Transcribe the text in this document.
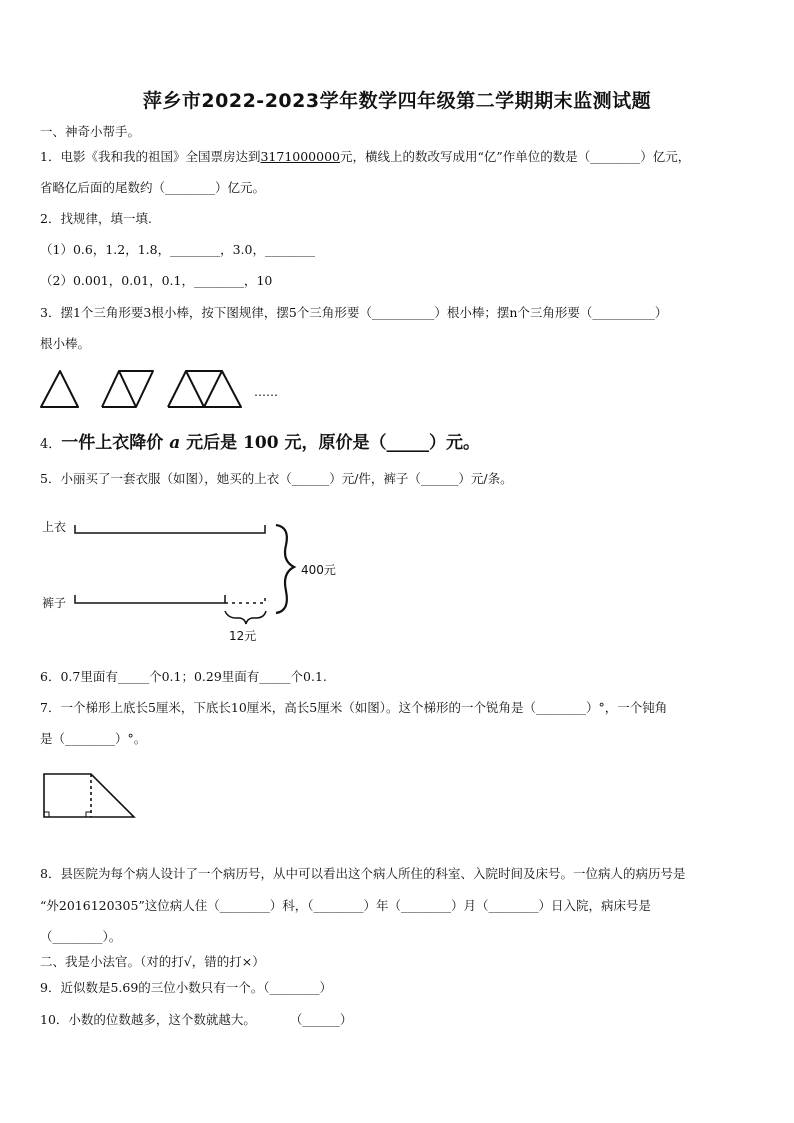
萍乡市2022-2023学年数学四年级第二学期期末监测试题
一、神奇小帮手。
1．电影《我和我的祖国》全国票房达到3171000000元，横线上的数改写成用“亿”作单位的数是（________）亿元，
省略亿后面的尾数约（________）亿元。
2．找规律，填一填.
（1）0.6，1.2，1.8，________，3.0，________
（2）0.001，0.01，0.1，________，10
3．摆1个三角形要3根小棒，按下图规律，摆5个三角形要（__________）根小棒；摆n个三角形要（__________）
根小棒。
……
4．一件上衣降价 a 元后是 100 元，原价是（_____）元。
5．小丽买了一套衣服（如图），她买的上衣（______）元/件，裤子（______）元/条。
上衣
裤子
400元
12元
6．0.7里面有_____个0.1；0.29里面有_____个0.1.
7．一个梯形上底长5厘米，下底长10厘米，高长5厘米（如图）。这个梯形的一个锐角是（________）°，一个钝角
是（________）°。
8．县医院为每个病人设计了一个病历号，从中可以看出这个病人所住的科室、入院时间及床号。一位病人的病历号是
“外2016120305”这位病人住（________）科，（________）年（________）月（________）日入院，病床号是
（________）。
二、我是小法官。（对的打√，错的打×）
9．近似数是5.69的三位小数只有一个。（________）
10．小数的位数越多，这个数就越大。	（______）
